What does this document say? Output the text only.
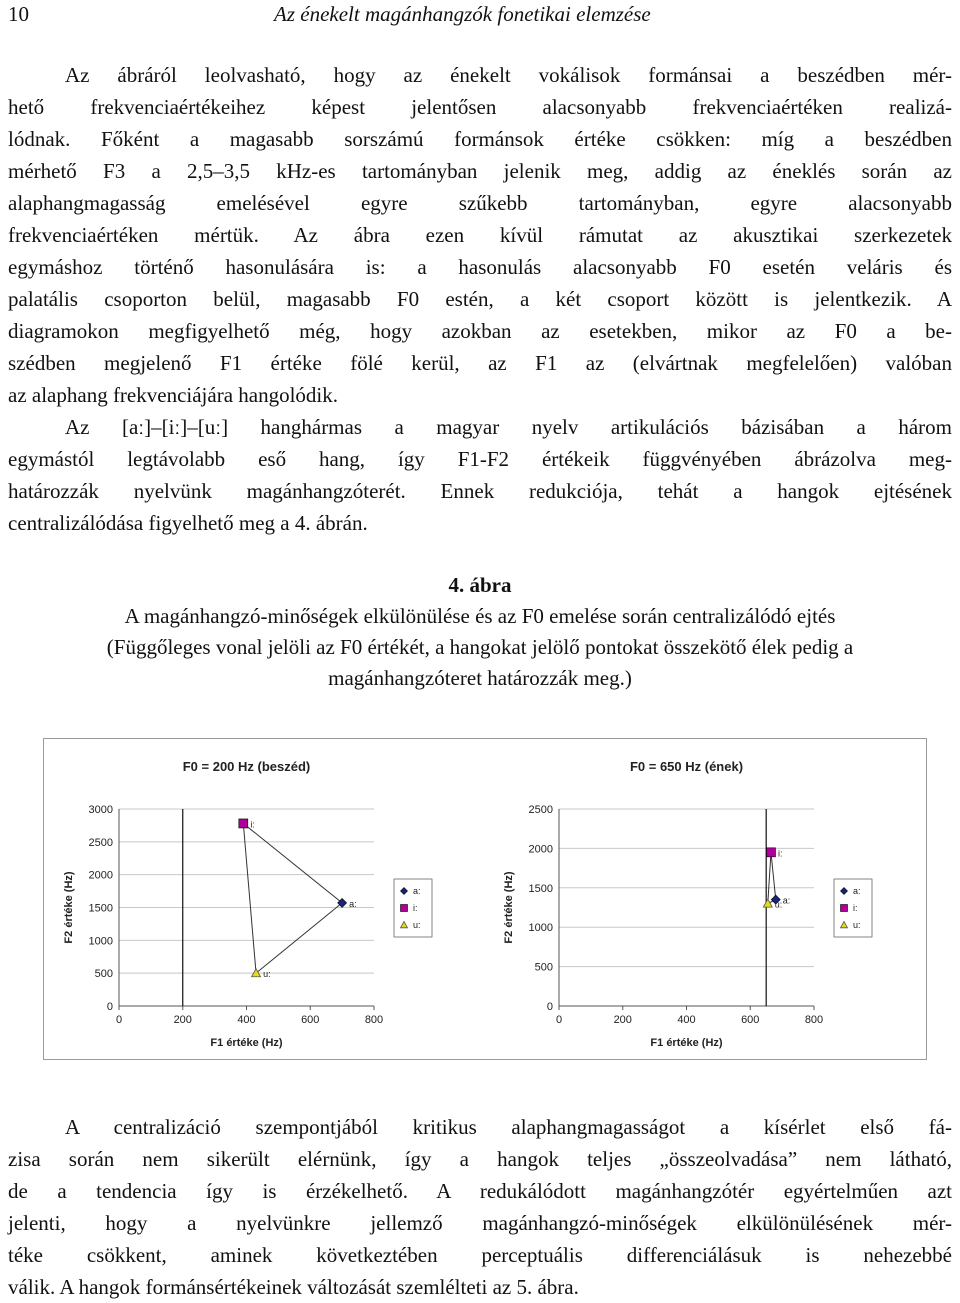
10	Az énekelt magánhangzók fonetikai elemzése
Az ábráról leolvasható, hogy az énekelt vokálisok formánsai a beszédben mér-
hető frekvenciaértékeihez képest jelentősen alacsonyabb frekvenciaértéken realizá-
lódnak. Főként a magasabb sorszámú formánsok értéke csökken: míg a beszédben
mérhető F3 a 2,5–3,5 kHz-es tartományban jelenik meg, addig az éneklés során az
alaphangmagasság emelésével egyre szűkebb tartományban, egyre alacsonyabb
frekvenciaértéken mértük. Az ábra ezen kívül rámutat az akusztikai szerkezetek
egymáshoz történő hasonulására is: a hasonulás alacsonyabb F0 esetén veláris és
palatális csoporton belül, magasabb F0 estén, a két csoport között is jelentkezik. A
diagramokon megfigyelhető még, hogy azokban az esetekben, mikor az F0 a be-
szédben megjelenő F1 értéke fölé kerül, az F1 az (elvártnak megfelelően) valóban
az alaphang frekvenciájára hangolódik.
Az [aː]–[iː]–[uː] hanghármas a magyar nyelv artikulációs bázisában a három
egymástól legtávolabb eső hang, így F1-F2 értékeik függvényében ábrázolva meg-
határozzák nyelvünk magánhangzóterét. Ennek redukciója, tehát a hangok ejtésének
centralizálódása figyelhető meg a 4. ábrán.
4. ábra
A magánhangzó-minőségek elkülönülése és az F0 emelése során centralizálódó ejtés
(Függőleges vonal jelöli az F0 értékét, a hangokat jelölő pontokat összekötő élek pedig a
magánhangzóteret határozzák meg.)
F0 = 200 Hz (beszéd)
0
500
1000
1500
2000
2500
3000
0	200	400	600	800
F1 értéke (Hz)
F2 értéke (Hz)	a:
i:
u:
a:
i:
u:
F0 = 650 Hz (ének)
0
500
1000
1500
2000
2500
0	200	400	600	800
F1 értéke (Hz)
F2 értéke (Hz)	a:
i:
u:
a:
i:
u:
A centralizáció szempontjából kritikus alaphangmagasságot a kísérlet első fá-
zisa során nem sikerült elérnünk, így a hangok teljes „összeolvadása” nem látható,
de a tendencia így is érzékelhető. A redukálódott magánhangzótér egyértelműen azt
jelenti, hogy a nyelvünkre jellemző magánhangzó-minőségek elkülönülésének mér-
téke csökkent, aminek következtében perceptuális differenciálásuk is nehezebbé
válik. A hangok formánsértékeinek változását szemlélteti az 5. ábra.
